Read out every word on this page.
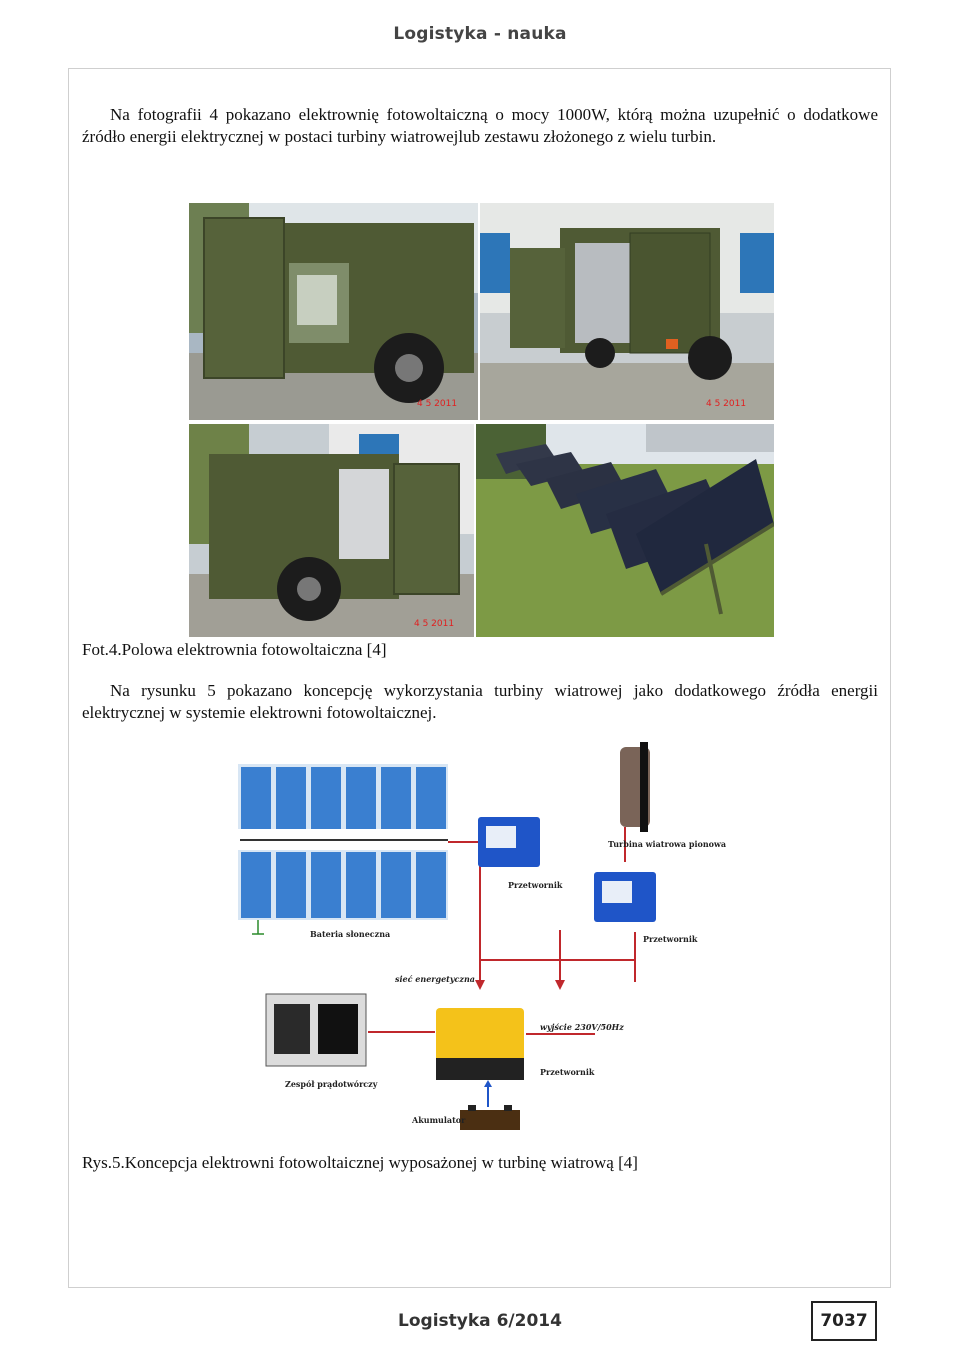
Logistyka - nauka

Na fotografii 4 pokazano elektrownię fotowoltaiczną o mocy 1000W, którą można uzupełnić o dodatkowe źródło energii elektrycznej w postaci turbiny wiatrowejlub zestawu złożonego z wielu turbin.

4 5 2011	4 5 2011
4 5 2011
Fot.4.Polowa elektrownia fotowoltaiczna [4]

Na rysunku 5 pokazano koncepcję wykorzystania turbiny wiatrowej jako dodatkowego źródła energii elektrycznej w systemie elektrowni fotowoltaicznej.

Turbina wiatrowa pionowa
Przetwornik
Przetwornik
Bateria słoneczna
sieć energetyczna
wyjście 230V/50Hz
Przetwornik
Zespół prądotwórczy
Akumulator
Rys.5.Koncepcja elektrowni fotowoltaicznej wyposażonej w turbinę wiatrową [4]
Logistyka 6/2014	7037
